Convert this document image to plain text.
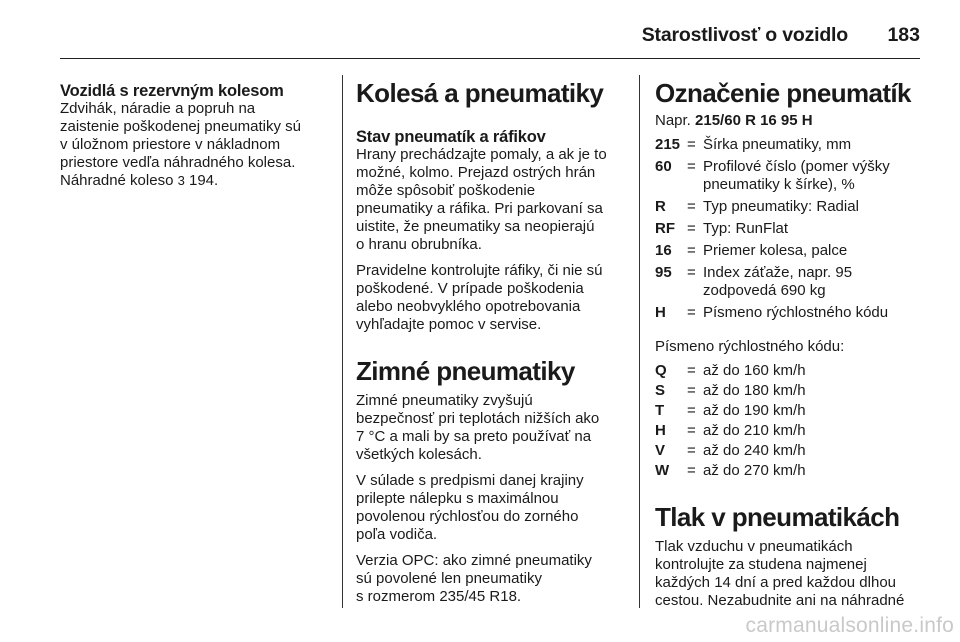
Starostlivosť o vozidlo 183
Vozidlá s rezervným kolesom

Zdvihák, náradie a popruh na
zaistenie poškodenej pneumatiky sú
v úložnom priestore v nákladnom
priestore vedľa náhradného kolesa.
Náhradné koleso 3 194.

Kolesá a pneumatiky
Stav pneumatík a ráfikov

Hrany prechádzajte pomaly, a ak je to
možné, kolmo. Prejazd ostrých hrán
môže spôsobiť poškodenie
pneumatiky a ráfika. Pri parkovaní sa
uistite, že pneumatiky sa neopierajú
o hranu obrubníka.

Pravidelne kontrolujte ráfiky, či nie sú
poškodené. V prípade poškodenia
alebo neobvyklého opotrebovania
vyhľadajte pomoc v servise.

Zimné pneumatiky

Zimné pneumatiky zvyšujú
bezpečnosť pri teplotách nižších ako
7 °C a mali by sa preto používať na
všetkých kolesách.

V súlade s predpismi danej krajiny
prilepte nálepku s maximálnou
povolenou rýchlosťou do zorného
poľa vodiča.

Verzia OPC: ako zimné pneumatiky
sú povolené len pneumatiky
s rozmerom 235/45 R18.

Označenie pneumatík

Napr. 215/60 R 16 95 H

215 = Šírka pneumatiky, mm
60	= Profilové číslo (pomer výšky
pneumatiky k šírke), %
R	= Typ pneumatiky: Radial
RF = Typ: RunFlat
16	= Priemer kolesa, palce
95	= Index záťaže, napr. 95
zodpovedá 690 kg
H	= Písmeno rýchlostného kódu

Písmeno rýchlostného kódu:

Q	= až do 160 km/h
S	= až do 180 km/h
T	= až do 190 km/h
H	= až do 210 km/h
V	= až do 240 km/h
W	= až do 270 km/h
Tlak v pneumatikách

Tlak vzduchu v pneumatikách
kontrolujte za studena najmenej
každých 14 dní a pred každou dlhou
cestou. Nezabudnite ani na náhradné

carmanualsonline.info
